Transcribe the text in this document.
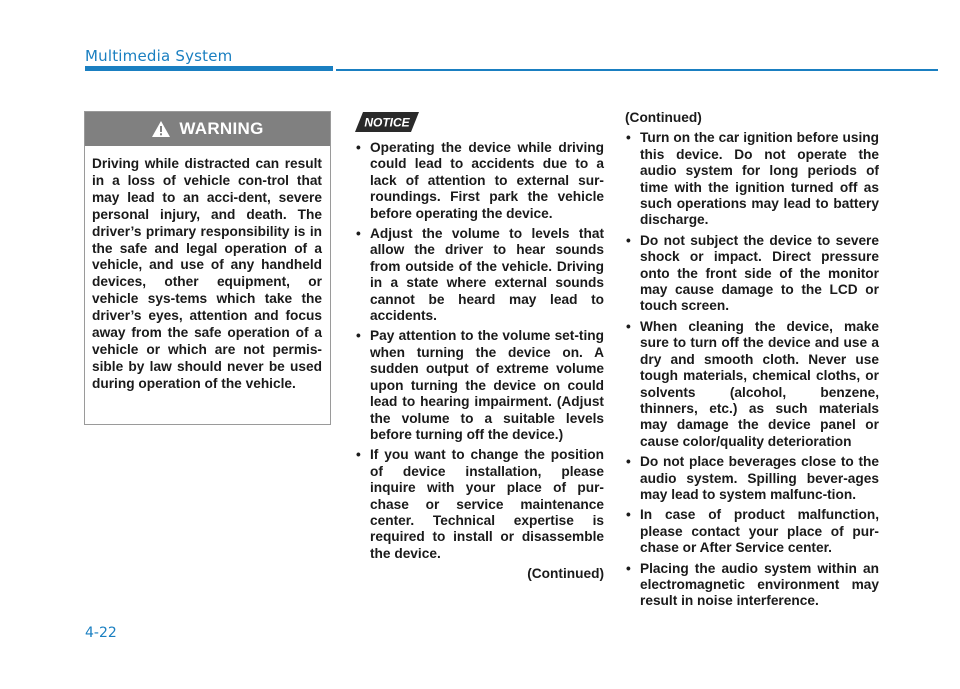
Multimedia System
WARNING
Driving while distracted can result in a loss of vehicle con-trol that may lead to an acci-dent, severe personal injury, and death. The driver’s primary responsibility is in the safe and legal operation of a vehicle, and use of any handheld devices, other equipment, or vehicle sys-tems which take the driver’s eyes, attention and focus away from the safe operation of a vehicle or which are not permis-sible by law should never be used during operation of the vehicle.
NOTICE
• Operating the device while driving could lead to accidents due to a lack of attention to external sur-roundings. First park the vehicle before operating the device.
• Adjust the volume to levels that allow the driver to hear sounds from outside of the vehicle. Driving in a state where external sounds cannot be heard may lead to accidents.
• Pay attention to the volume set-ting when turning the device on. A sudden output of extreme volume upon turning the device on could lead to hearing impairment. (Adjust the volume to a suitable levels before turning off the device.)
• If you want to change the position of device installation, please inquire with your place of pur-chase or service maintenance center. Technical expertise is required to install or disassemble the device.
(Continued)
(Continued)
• Turn on the car ignition before using this device. Do not operate the audio system for long periods of time with the ignition turned off as such operations may lead to battery discharge.
• Do not subject the device to severe shock or impact. Direct pressure onto the front side of the monitor may cause damage to the LCD or touch screen.
• When cleaning the device, make sure to turn off the device and use a dry and smooth cloth. Never use tough materials, chemical cloths, or solvents (alcohol, benzene, thinners, etc.) as such materials may damage the device panel or cause color/quality deterioration
• Do not place beverages close to the audio system. Spilling bever-ages may lead to system malfunc-tion.
• In case of product malfunction, please contact your place of pur-chase or After Service center.
• Placing the audio system within an electromagnetic environment may result in noise interference.
4-22
